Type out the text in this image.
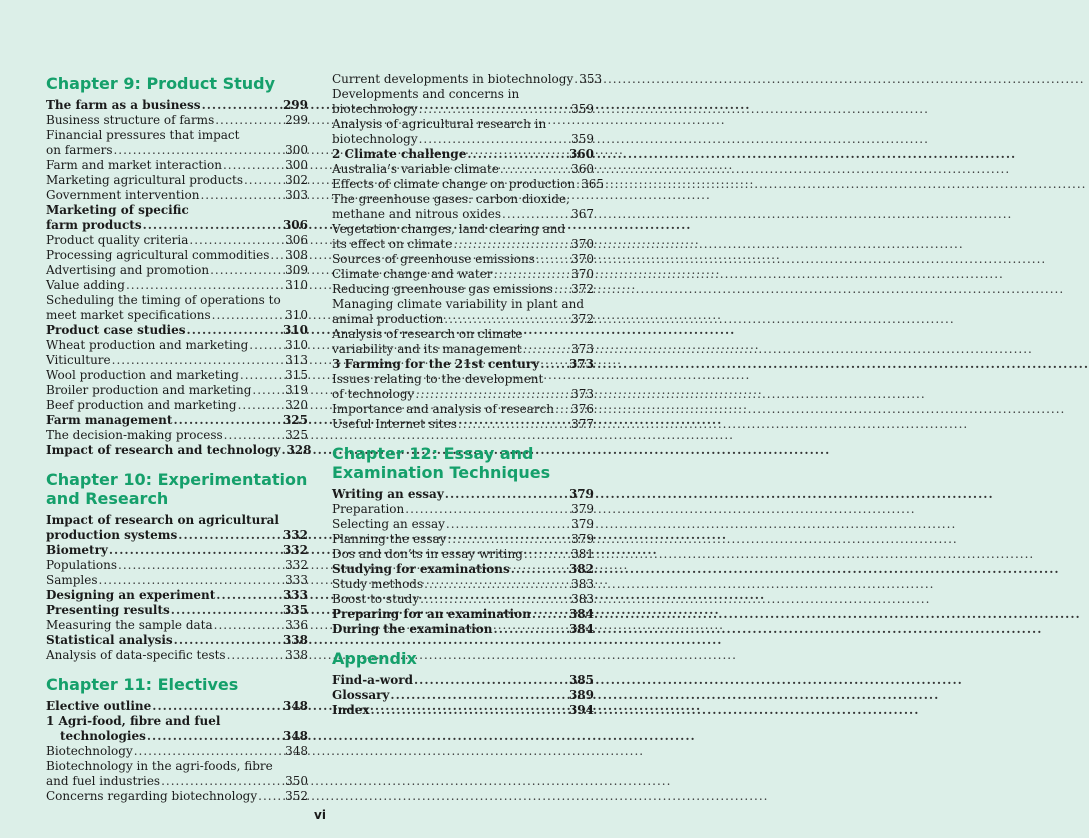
Chapter 9: Product Study
The farm as a business .....	299
Business structure of farms .....	299
Financial pressures that impact
on farmers .....	300
Farm and market interaction .....	300
Marketing agricultural products .....	302
Government intervention .....	303
Marketing of specific
farm products .....	306
Product quality criteria .....	306
Processing agricultural commodities ..... 308
Advertising and promotion .....	309
Value adding .....	310
Scheduling the timing of operations to
meet market specifications .....	310
Product case studies .....	310
Wheat production and marketing .....	310
Viticulture .....	313
Wool production and marketing .....	315
Broiler production and marketing .....	319
Beef production and marketing .....	320
Farm management .....	325
The decision-making process .....	325
Impact of research and technology ..... 328
Chapter 10: Experimentation and Research
Impact of research on agricultural
production systems .....	332
Biometry .....	332
Populations .....	332
Samples .....	333
Designing an experiment .....	333
Presenting results .....	335
Measuring the sample data .....	336
Statistical analysis .....	338
Analysis of data-specific tests .....	338
Chapter 11: Electives
Elective outline .....	348
1 Agri-food, fibre and fuel
technologies .....	348
Biotechnology .....	348
Biotechnology in the agri-foods, fibre
and fuel industries .....	350
Concerns regarding biotechnology ..... 352
Current developments in biotechnology ..... 353
Developments and concerns in
biotechnology .....	359
Analysis of agricultural research in
biotechnology .....	359
2 Climate challenge .....	360
Australia’s variable climate .....	360
Effects of climate change on production ..... 365
The greenhouse gases: carbon dioxide,
methane and nitrous oxides .....	367
Vegetation changes, land clearing and
its effect on climate .....	370
Sources of greenhouse emissions .....	370
Climate change and water .....	370
Reducing greenhouse gas emissions ..... 372
Managing climate variability in plant and
animal production .....	372
Analysis of research on climate
variability and its management .....	373
3 Farming for the 21st century ..... 373
Issues relating to the development
of technology .....	373
Importance and analysis of research ..... 376
Useful Internet sites .....	377
Chapter 12: Essay and Examination Techniques
Writing an essay .....	379
Preparation .....	379
Selecting an essay .....	379
Planning the essay .....	379
Dos and don’ts in essay writing .....	381
Studying for examinations .....	382
Study methods .....	383
Boost to study .....	383
Preparing for an examination .....	384
During the examination .....	384
Appendix
Find-a-word .....	385
Glossary .....	389
Index .....	394
vi
